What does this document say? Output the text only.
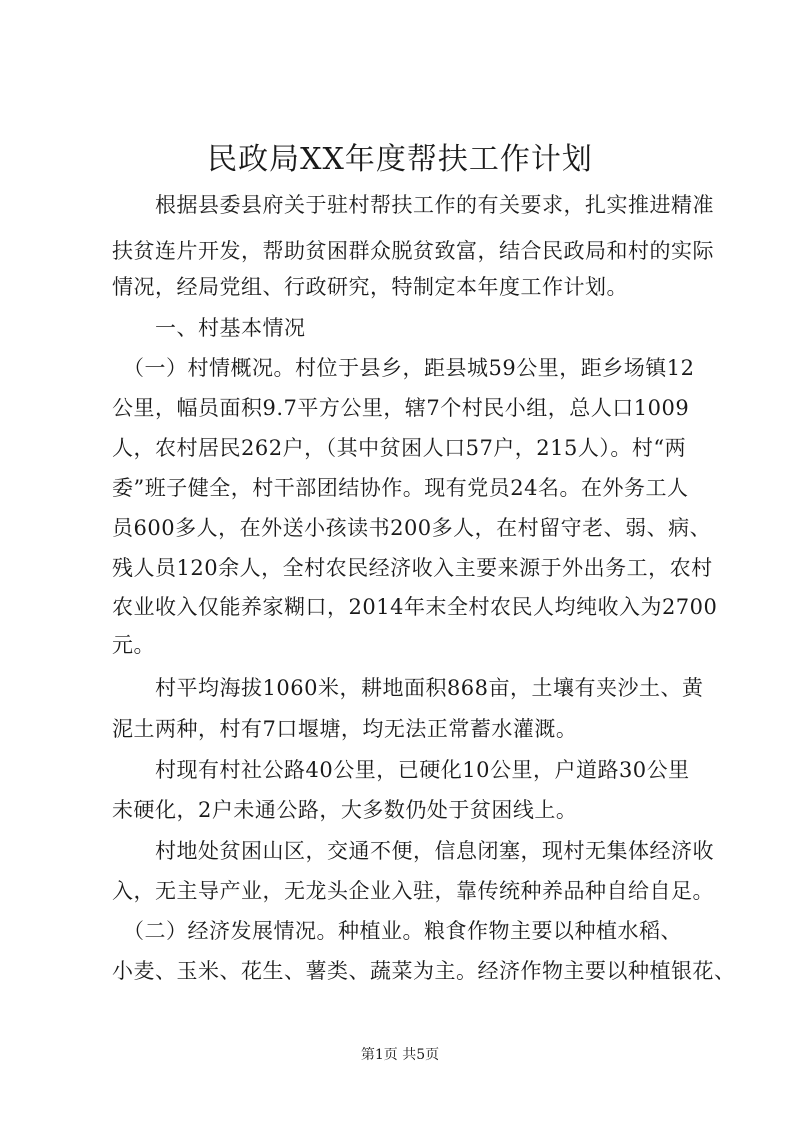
民政局XX年度帮扶工作计划

　　根据县委县府关于驻村帮扶工作的有关要求，扎实推进精准

扶贫连片开发，帮助贫困群众脱贫致富，结合民政局和村的实际

情况，经局党组、行政研究，特制定本年度工作计划。

　　一、村基本情况

　（一）村情概况。村位于县乡，距县城59公里，距乡场镇12

公里，幅员面积9.7平方公里，辖7个村民小组，总人口1009

人，农村居民262户，（其中贫困人口57户，215人）。村“两

委”班子健全，村干部团结协作。现有党员24名。在外务工人

员600多人，在外送小孩读书200多人，在村留守老、弱、病、

残人员120余人，全村农民经济收入主要来源于外出务工，农村

农业收入仅能养家糊口，2014年末全村农民人均纯收入为2700

元。

　　村平均海拔1060米，耕地面积868亩，土壤有夹沙土、黄

泥土两种，村有7口堰塘，均无法正常蓄水灌溉。

　　村现有村社公路40公里，已硬化10公里，户道路30公里

未硬化，2户未通公路，大多数仍处于贫困线上。

　　村地处贫困山区，交通不便，信息闭塞，现村无集体经济收

入，无主导产业，无龙头企业入驻，靠传统种养品种自给自足。

　（二）经济发展情况。种植业。粮食作物主要以种植水稻、

小麦、玉米、花生、薯类、蔬菜为主。经济作物主要以种植银花、

第1页 共5页
